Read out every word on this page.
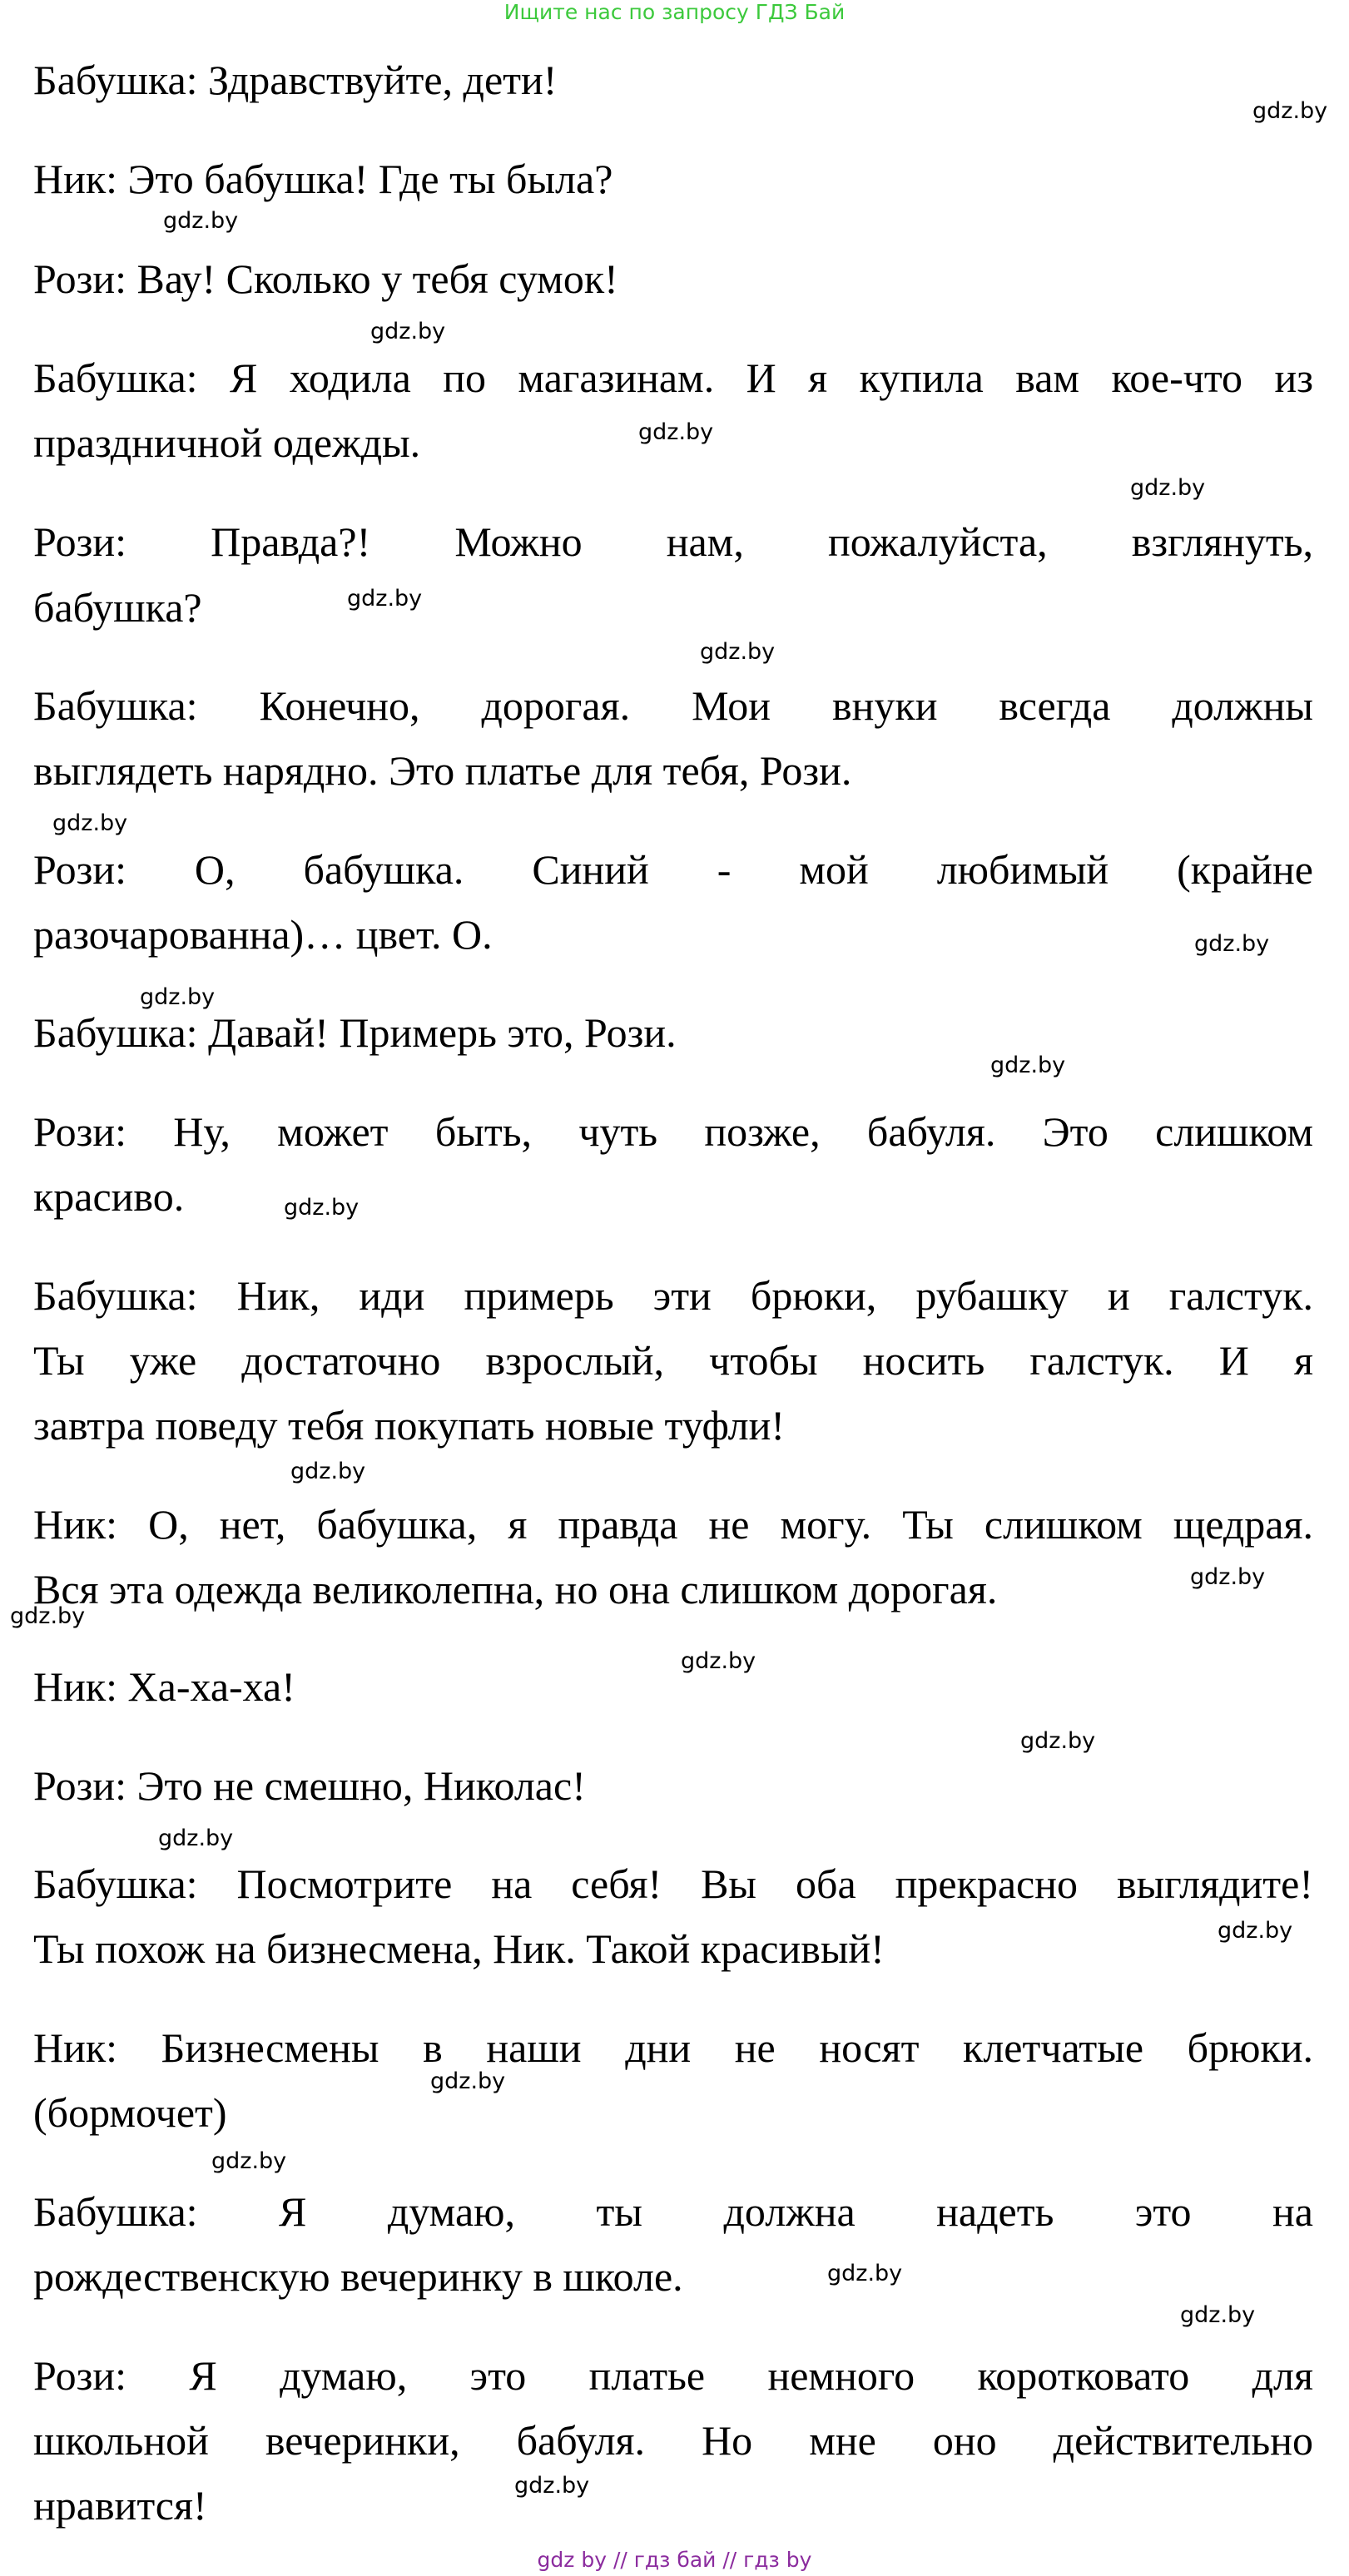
Ищите нас по запросу ГДЗ Бай
Бабушка: Здравствуйте, дети!
Ник: Это бабушка! Где ты была?
Рози: Вау! Сколько у тебя сумок!
Бабушка: Я ходила по магазинам. И я купила вам кое-что из
праздничной одежды.
Рози: Правда?! Можно нам, пожалуйста, взглянуть,
бабушка?
Бабушка: Конечно, дорогая. Мои внуки всегда должны
выглядеть нарядно. Это платье для тебя, Рози.
Рози: О, бабушка. Синий - мой любимый (крайне
разочарованна)… цвет. О.
Бабушка: Давай! Примерь это, Рози.
Рози: Ну, может быть, чуть позже, бабуля. Это слишком
красиво.
Бабушка: Ник, иди примерь эти брюки, рубашку и галстук.
Ты уже достаточно взрослый, чтобы носить галстук. И я
завтра поведу тебя покупать новые туфли!
Ник: О, нет, бабушка, я правда не могу. Ты слишком щедрая.
Вся эта одежда великолепна, но она слишком дорогая.
Ник: Ха-ха-ха!
Рози: Это не смешно, Николас!
Бабушка: Посмотрите на себя! Вы оба прекрасно выглядите!
Ты похож на бизнесмена, Ник. Такой красивый!
Ник: Бизнесмены в наши дни не носят клетчатые брюки.
(бормочет)
Бабушка: Я думаю, ты должна надеть это на
рождественскую вечеринку в школе.
Рози: Я думаю, это платье немного коротковато для
школьной вечеринки, бабуля. Но мне оно действительно
нравится!
gdz.by
gdz.by
gdz.by
gdz.by
gdz.by
gdz.by
gdz.by
gdz.by
gdz.by
gdz.by
gdz.by
gdz.by
gdz.by
gdz.by
gdz.by
gdz.by
gdz.by
gdz.by
gdz.by
gdz.by
gdz.by
gdz.by
gdz.by
gdz.by
gdz by // гдз бай // гдз by
